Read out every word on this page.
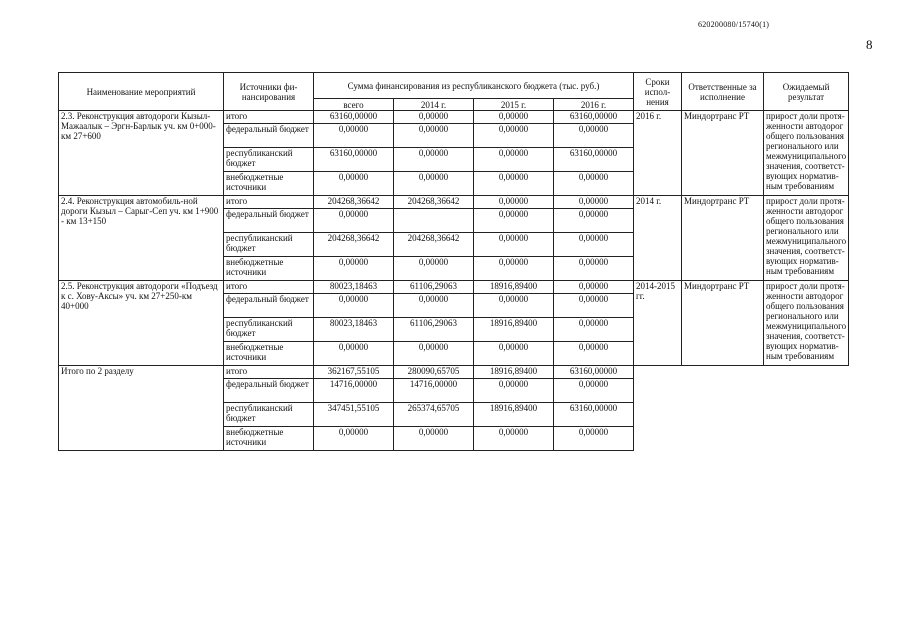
620200080/15740(1)
8
Наименование мероприятий	Источники фи-нансирования	Сумма финансирования из республиканского бюджета (тыс. руб.)				Сроки испол-нения	Ответственные за исполнение	Ожидаемый результат
		всего	2014 г.	2015 г.	2016 г.			
2.3. Реконструкция автодороги Кызыл-Мажаалык – Эргн-Барлык уч. км 0+000-км 27+600	итого	63160,00000	0,00000	0,00000	63160,00000	2016 г.	Миндортранс РТ	прирост доли протя-женности автодорог общего пользования регионального или межмуниципального значения, соответст-вующих норматив-ным требованиям
	федеральный бюджет	0,00000	0,00000	0,00000	0,00000			
	республиканский бюджет	63160,00000	0,00000	0,00000	63160,00000			
	внебюджетные источники	0,00000	0,00000	0,00000	0,00000			
2.4. Реконструкция автомобиль-ной дороги Кызыл – Сарыг-Сеп уч. км 1+900 - км 13+150	итого	204268,36642	204268,36642	0,00000	0,00000	2014 г.	Миндортранс РТ	прирост доли протя-женности автодорог общего пользования регионального или межмуниципального значения, соответст-вующих норматив-ным требованиям
	федеральный бюджет	0,00000		0,00000	0,00000			
	республиканский бюджет	204268,36642	204268,36642	0,00000	0,00000			
	внебюджетные источники	0,00000	0,00000	0,00000	0,00000			
2.5. Реконструкция автодороги «Подъезд к с. Хову-Аксы» уч. км 27+250-км 40+000	итого	80023,18463	61106,29063	18916,89400	0,00000	2014-2015 гг.	Миндортранс РТ	прирост доли протя-женности автодорог общего пользования регионального или межмуниципального значения, соответст-вующих норматив-ным требованиям
	федеральный бюджет	0,00000	0,00000	0,00000	0,00000			
	республиканский бюджет	80023,18463	61106,29063	18916,89400	0,00000			
	внебюджетные источники	0,00000	0,00000	0,00000	0,00000			
Итого по 2 разделу	итого	362167,55105	280090,65705	18916,89400	63160,00000			
	федеральный бюджет	14716,00000	14716,00000	0,00000	0,00000			
	республиканский бюджет	347451,55105	265374,65705	18916,89400	63160,00000			
	внебюджетные источники	0,00000	0,00000	0,00000	0,00000			
